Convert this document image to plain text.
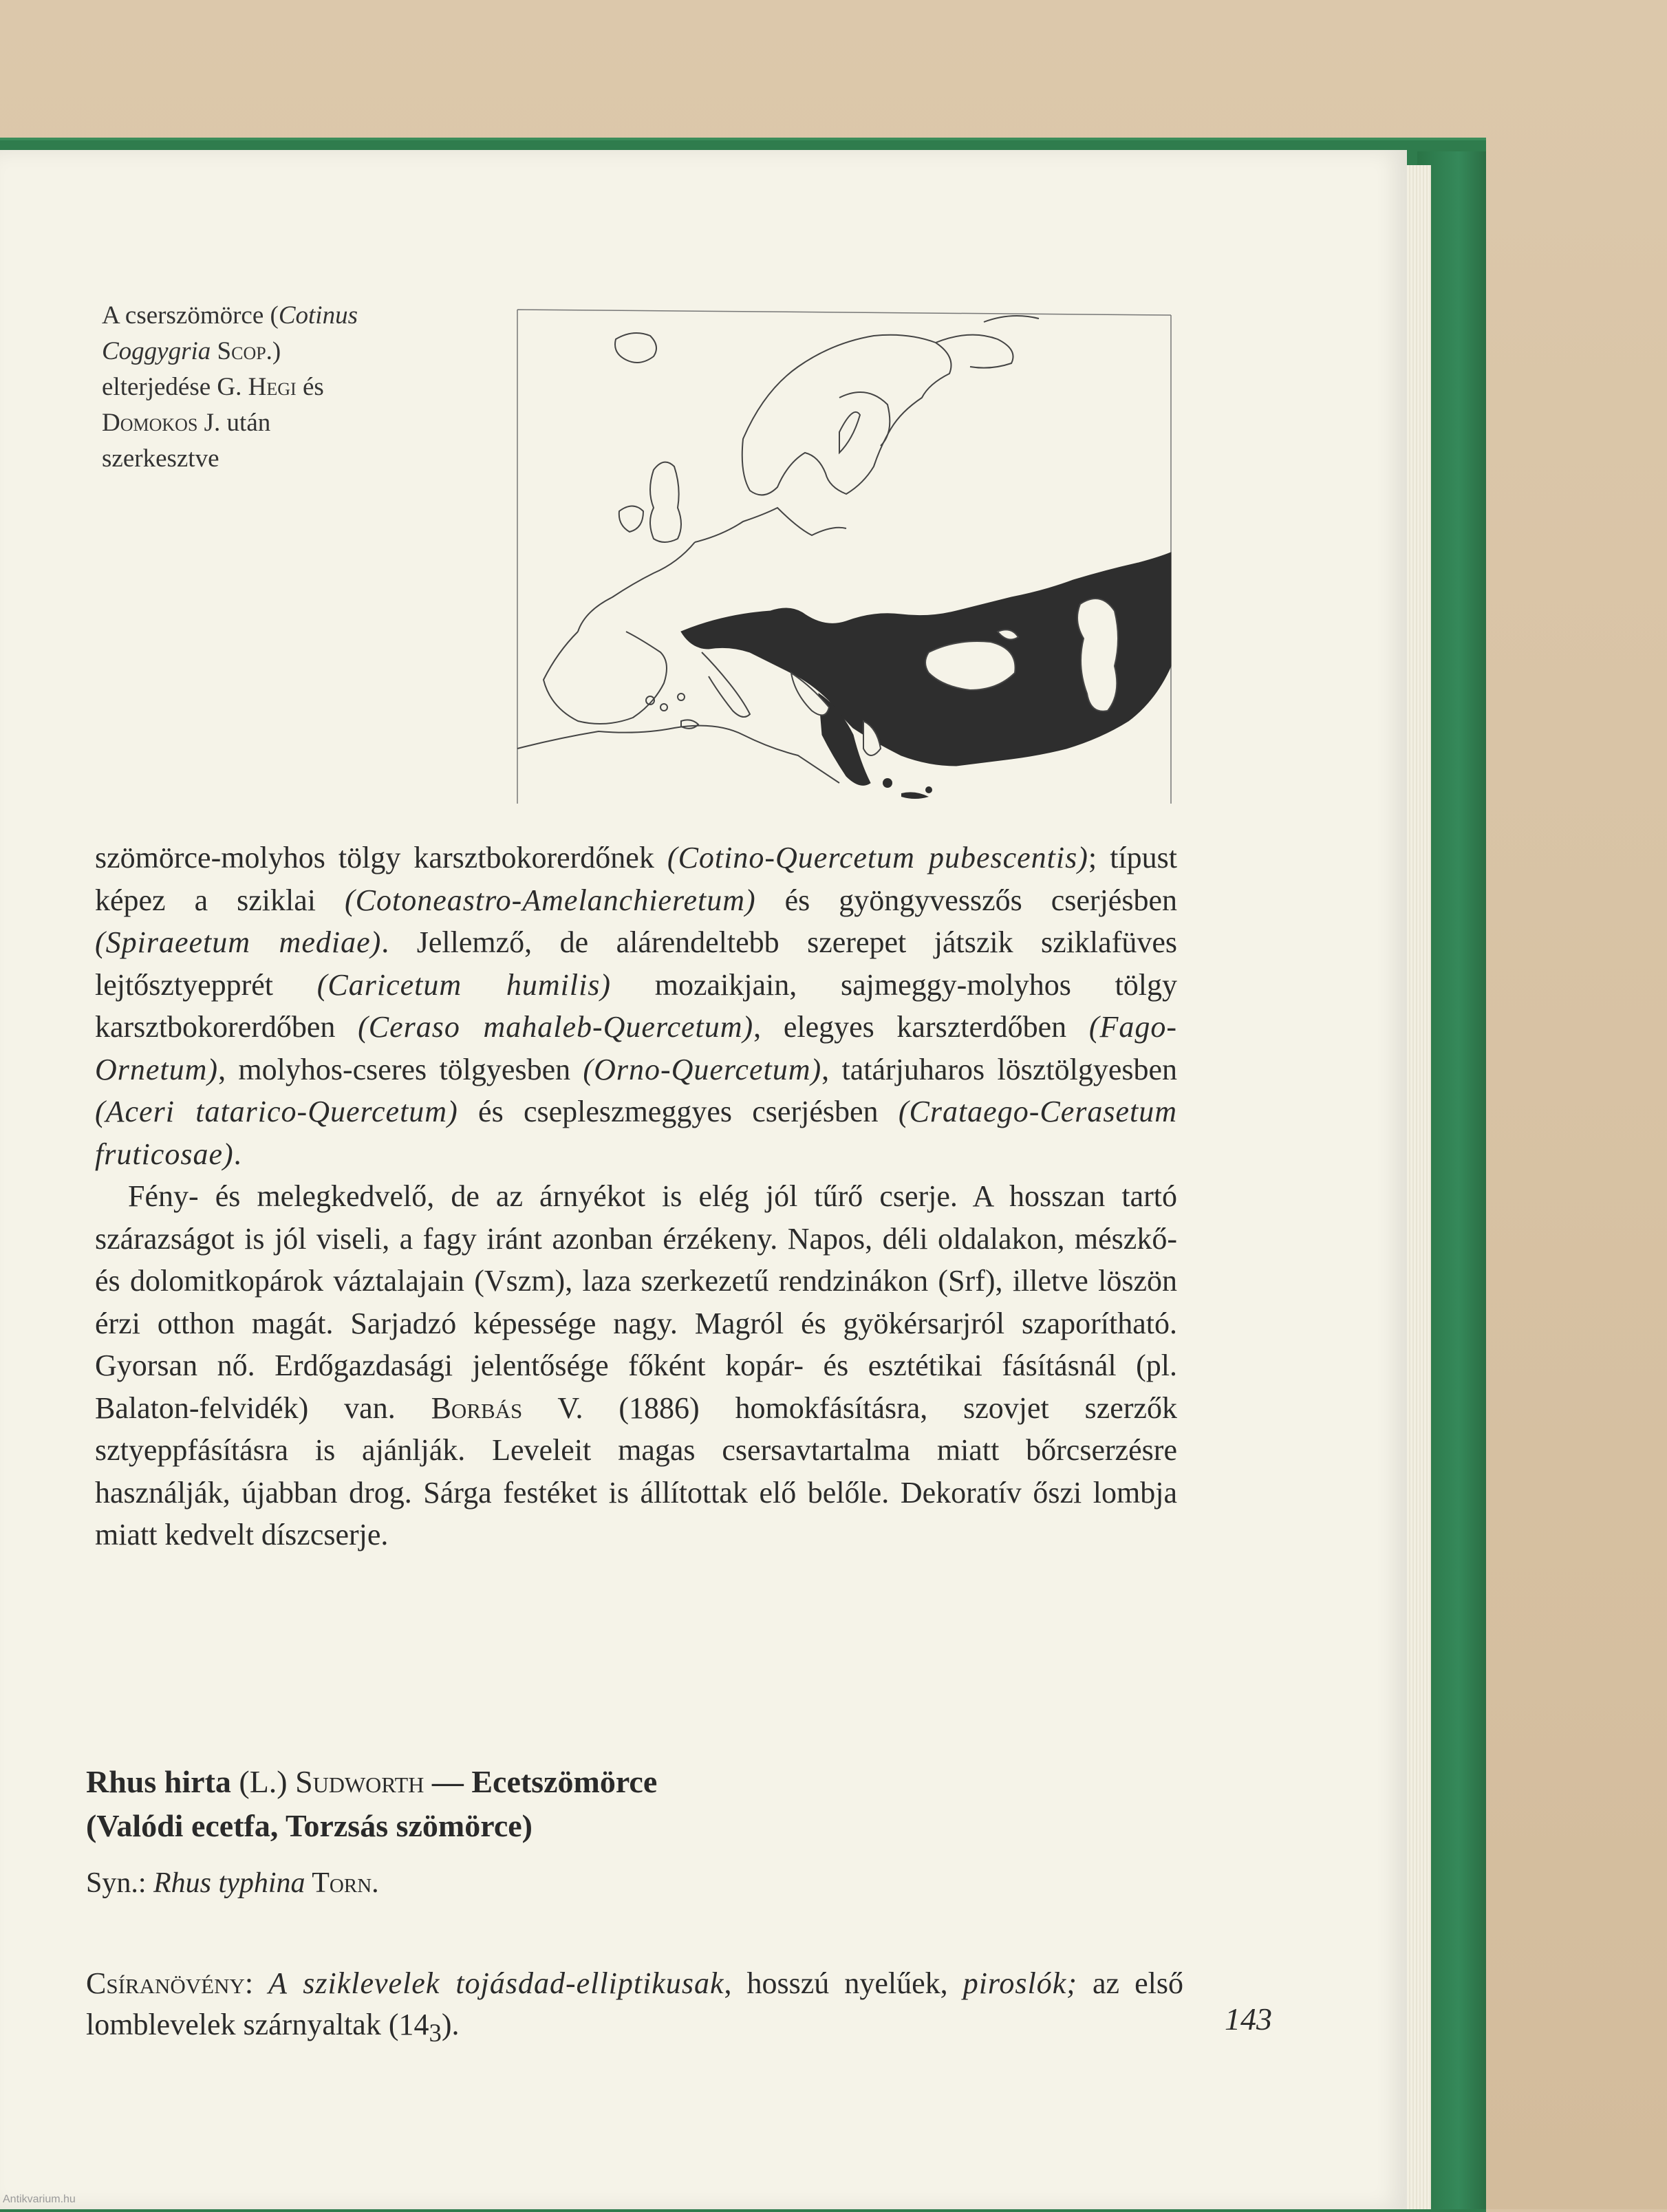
A cserszömörce (Cotinus
Coggygria Scop.)
elterjedése G. Hegi és
Domokos J. után
szerkesztve

szömörce-molyhos tölgy karsztbokorerdőnek (Cotino-Quercetum pubescentis); típust képez a sziklai (Cotoneastro-Amelanchieretum) és gyöngyvesszős cserjésben (Spiraeetum mediae). Jellemző, de alárendeltebb szerepet játszik sziklafüves lejtősztyepprét (Caricetum humilis) mozaikjain, sajmeggy-molyhos tölgy karsztbokorerdőben (Ceraso mahaleb-Quercetum), elegyes karszterdőben (Fago-Ornetum), molyhos-cseres tölgyesben (Orno-Quercetum), tatárjuharos lösztölgyesben (Aceri tatarico-Quercetum) és csepleszmeggyes cserjésben (Crataego-Cerasetum fruticosae).

Fény- és melegkedvelő, de az árnyékot is elég jól tűrő cserje. A hosszan tartó szárazságot is jól viseli, a fagy iránt azonban érzékeny. Napos, déli oldalakon, mészkő- és dolomitkopárok váztalajain (Vszm), laza szerkezetű rendzinákon (Srf), illetve löszön érzi otthon magát. Sarjadzó képessége nagy. Magról és gyökérsarjról szaporítható. Gyorsan nő. Erdőgazdasági jelentősége főként kopár- és esztétikai fásításnál (pl. Balaton-felvidék) van. Borbás V. (1886) homokfásításra, szovjet szerzők sztyeppfásításra is ajánlják. Leveleit magas csersavtartalma miatt bőrcserzésre használják, újabban drog. Sárga festéket is állítottak elő belőle. Dekoratív őszi lombja miatt kedvelt díszcserje.

Rhus hirta (L.) Sudworth — Ecetszömörce
(Valódi ecetfa, Torzsás szömörce)
Syn.: Rhus typhina Torn.
Csíranövény: A sziklevelek tojásdad-elliptikusak, hosszú nyelűek, piroslók; az első lomblevelek szárnyaltak $(14_3)$.	143
Antikvarium.hu
